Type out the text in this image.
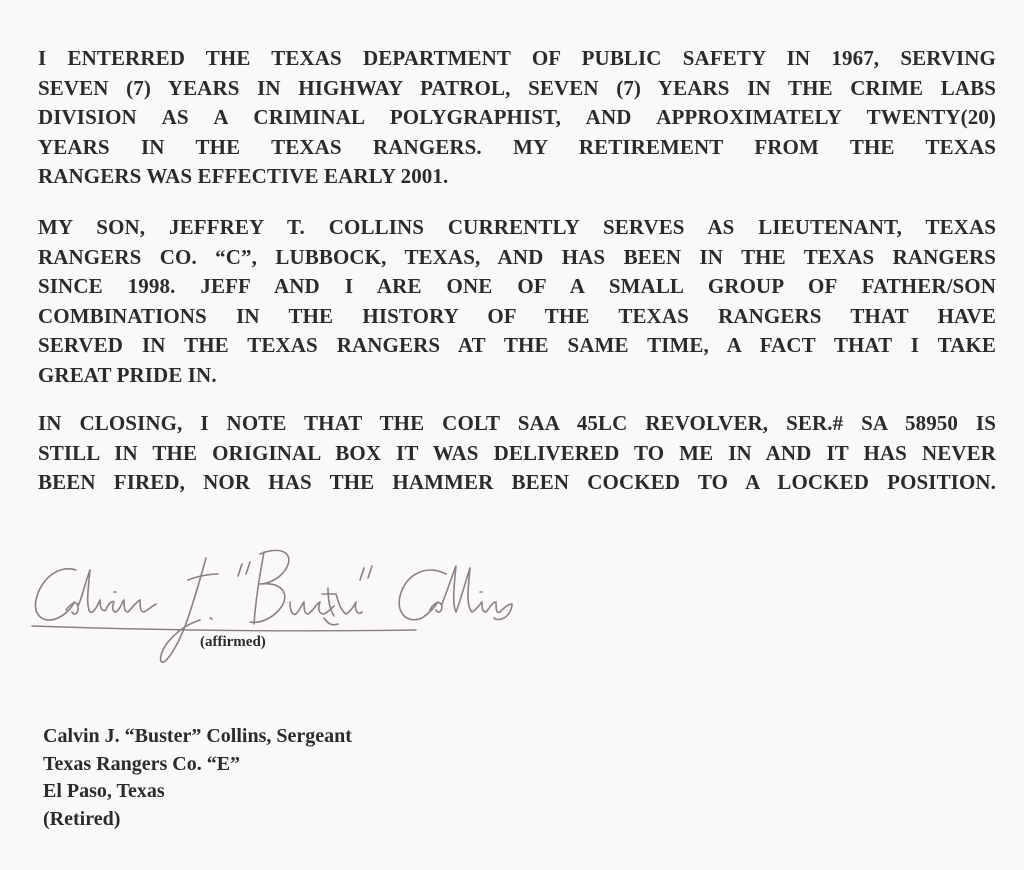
I ENTERRED THE TEXAS DEPARTMENT OF PUBLIC SAFETY IN 1967, SERVING
SEVEN (7) YEARS IN HIGHWAY PATROL, SEVEN (7) YEARS IN THE CRIME LABS
DIVISION AS A CRIMINAL POLYGRAPHIST, AND APPROXIMATELY TWENTY(20)
YEARS IN THE TEXAS RANGERS. MY RETIREMENT FROM THE TEXAS
RANGERS WAS EFFECTIVE EARLY 2001.

MY SON, JEFFREY T. COLLINS CURRENTLY SERVES AS LIEUTENANT, TEXAS
RANGERS CO. “C”, LUBBOCK, TEXAS, AND HAS BEEN IN THE TEXAS RANGERS
SINCE 1998. JEFF AND I ARE ONE OF A SMALL GROUP OF FATHER/SON
COMBINATIONS IN THE HISTORY OF THE TEXAS RANGERS THAT HAVE
SERVED IN THE TEXAS RANGERS AT THE SAME TIME, A FACT THAT I TAKE
GREAT PRIDE IN.

IN CLOSING, I NOTE THAT THE COLT SAA 45LC REVOLVER, SER.# SA 58950 IS
STILL IN THE ORIGINAL BOX IT WAS DELIVERED TO ME IN AND IT HAS NEVER
BEEN FIRED, NOR HAS THE HAMMER BEEN COCKED TO A LOCKED POSITION.

(affirmed)
Calvin J. “Buster” Collins, Sergeant
Texas Rangers Co. “E”
El Paso, Texas
(Retired)
